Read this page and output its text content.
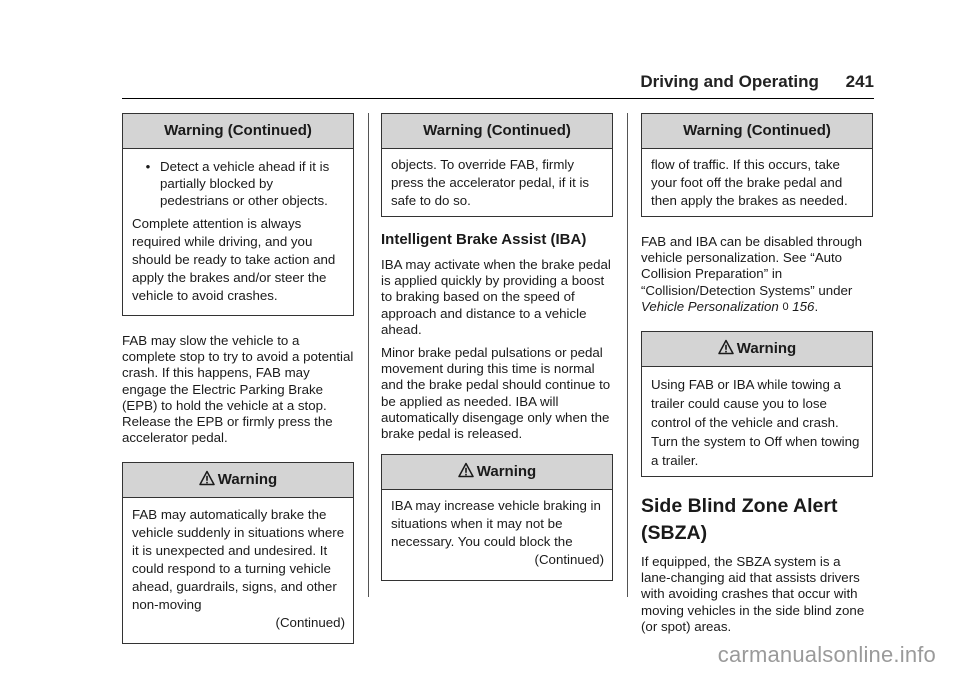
Driving and Operating 241
Warning (Continued)
• Detect a vehicle ahead if it is partially blocked by pedestrians or other objects.

Complete attention is always required while driving, and you should be ready to take action and apply the brakes and/or steer the vehicle to avoid crashes.

FAB may slow the vehicle to a complete stop to try to avoid a potential crash. If this happens, FAB may engage the Electric Parking Brake (EPB) to hold the vehicle at a stop. Release the EPB or firmly press the accelerator pedal.

Warning

FAB may automatically brake the vehicle suddenly in situations where it is unexpected and undesired. It could respond to a turning vehicle ahead, guardrails, signs, and other non-moving

(Continued)

Warning (Continued)

objects. To override FAB, firmly press the accelerator pedal, if it is safe to do so.

Intelligent Brake Assist (IBA)

IBA may activate when the brake pedal is applied quickly by providing a boost to braking based on the speed of approach and distance to a vehicle ahead.

Minor brake pedal pulsations or pedal movement during this time is normal and the brake pedal should continue to be applied as needed. IBA will automatically disengage only when the brake pedal is released.

Warning

IBA may increase vehicle braking in situations when it may not be necessary. You could block the

(Continued)

Warning (Continued)

flow of traffic. If this occurs, take your foot off the brake pedal and then apply the brakes as needed.

FAB and IBA can be disabled through vehicle personalization. See “Auto Collision Preparation” in “Collision/Detection Systems” under Vehicle Personalization 0 156.

Warning

Using FAB or IBA while towing a trailer could cause you to lose control of the vehicle and crash. Turn the system to Off when towing a trailer.

Side Blind Zone Alert (SBZA)

If equipped, the SBZA system is a lane-changing aid that assists drivers with avoiding crashes that occur with moving vehicles in the side blind zone (or spot) areas.

carmanualsonline.info
